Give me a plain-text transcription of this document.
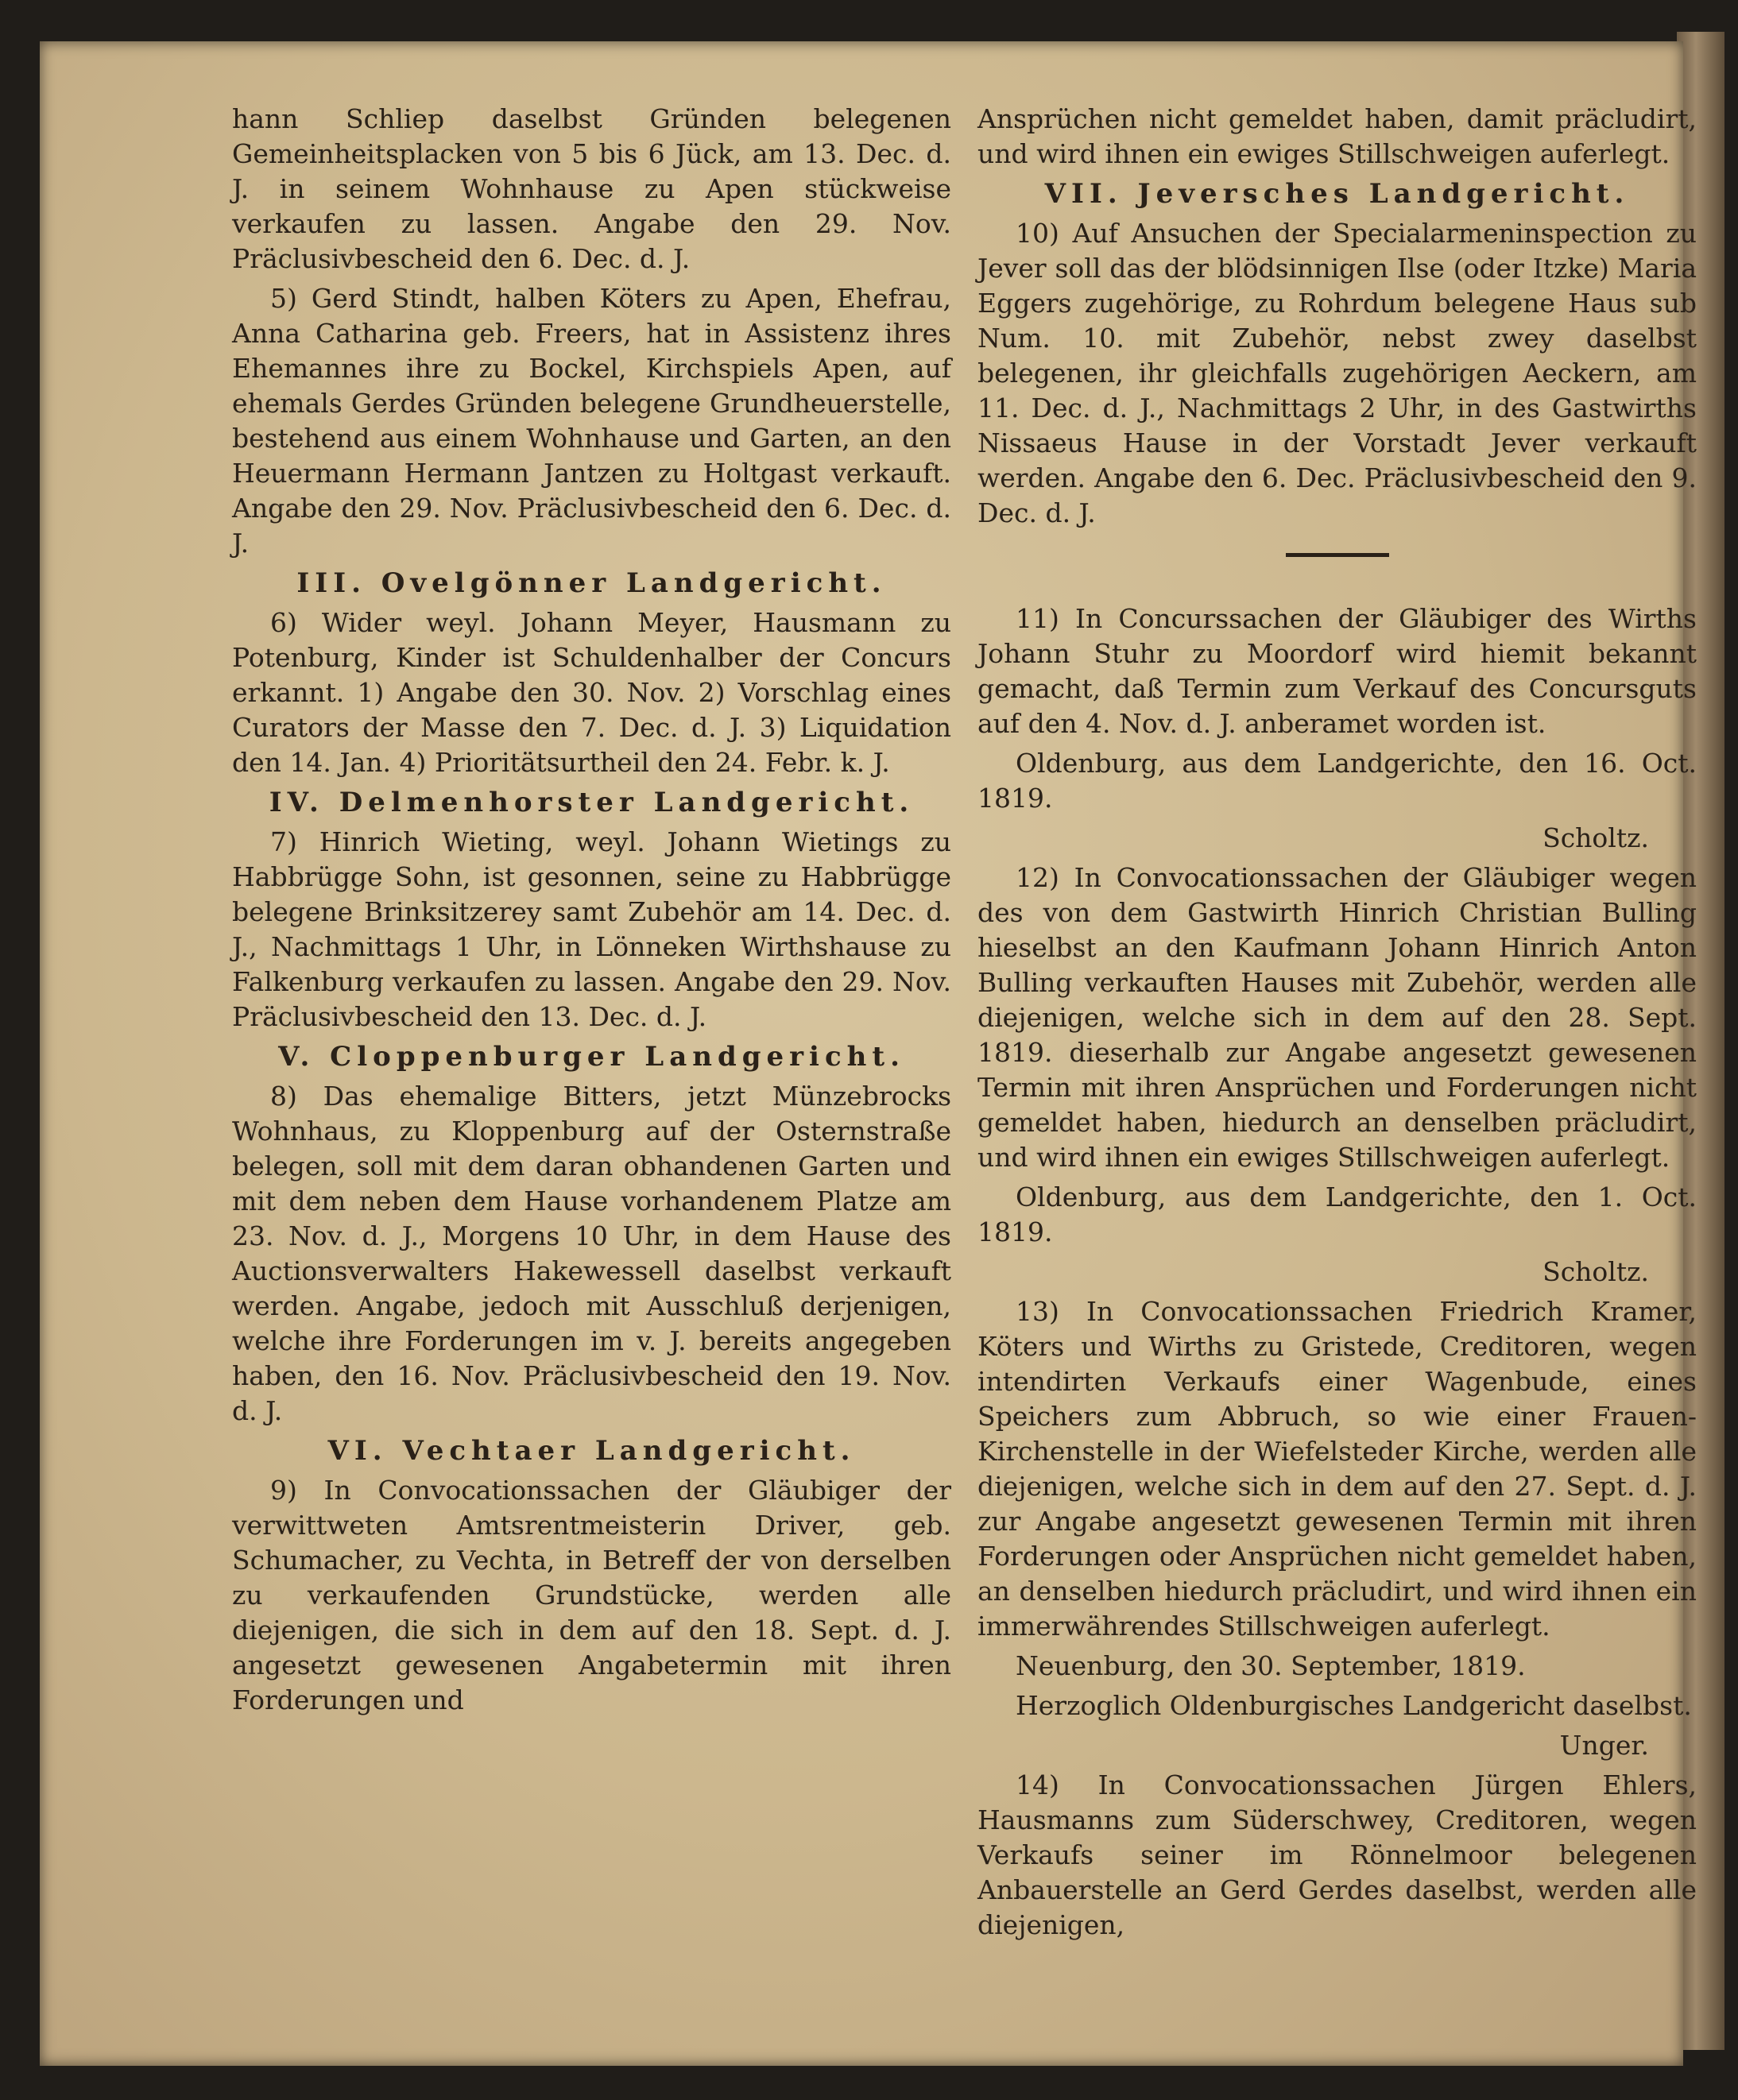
hann Schliep daselbst Gründen belegenen Gemeinheitsplacken von 5 bis 6 Jück, am 13. Dec. d. J. in seinem Wohnhause zu Apen stückweise verkaufen zu lassen. Angabe den 29. Nov. Präclusivbescheid den 6. Dec. d. J.

5) Gerd Stindt, halben Köters zu Apen, Ehefrau, Anna Catharina geb. Freers, hat in Assistenz ihres Ehemannes ihre zu Bockel, Kirchspiels Apen, auf ehemals Gerdes Gründen belegene Grundheuerstelle, bestehend aus einem Wohnhause und Garten, an den Heuermann Hermann Jantzen zu Holtgast verkauft. Angabe den 29. Nov. Präclusivbescheid den 6. Dec. d. J.

III. Ovelgönner Landgericht.

6) Wider weyl. Johann Meyer, Hausmann zu Potenburg, Kinder ist Schuldenhalber der Concurs erkannt. 1) Angabe den 30. Nov. 2) Vorschlag eines Curators der Masse den 7. Dec. d. J. 3) Liquidation den 14. Jan. 4) Prioritätsurtheil den 24. Febr. k. J.

IV. Delmenhorster Landgericht.

7) Hinrich Wieting, weyl. Johann Wietings zu Habbrügge Sohn, ist gesonnen, seine zu Habbrügge belegene Brinksitzerey samt Zubehör am 14. Dec. d. J., Nachmittags 1 Uhr, in Lönneken Wirthshause zu Falkenburg verkaufen zu lassen. Angabe den 29. Nov. Präclusivbescheid den 13. Dec. d. J.

V. Cloppenburger Landgericht.

8) Das ehemalige Bitters, jetzt Münzebrocks Wohnhaus, zu Kloppenburg auf der Osternstraße belegen, soll mit dem daran obhandenen Garten und mit dem neben dem Hause vorhandenem Platze am 23. Nov. d. J., Morgens 10 Uhr, in dem Hause des Auctionsverwalters Hakewessell daselbst verkauft werden. Angabe, jedoch mit Ausschluß derjenigen, welche ihre Forderungen im v. J. bereits angegeben haben, den 16. Nov. Präclusivbescheid den 19. Nov. d. J.

VI. Vechtaer Landgericht.

9) In Convocationssachen der Gläubiger der verwittweten Amtsrentmeisterin Driver, geb. Schumacher, zu Vechta, in Betreff der von derselben zu verkaufenden Grundstücke, werden alle diejenigen, die sich in dem auf den 18. Sept. d. J. angesetzt gewesenen Angabetermin mit ihren Forderungen und

Ansprüchen nicht gemeldet haben, damit präcludirt, und wird ihnen ein ewiges Stillschweigen auferlegt.

VII. Jeversches Landgericht.

10) Auf Ansuchen der Specialarmeninspection zu Jever soll das der blödsinnigen Ilse (oder Itzke) Maria Eggers zugehörige, zu Rohrdum belegene Haus sub Num. 10. mit Zubehör, nebst zwey daselbst belegenen, ihr gleichfalls zugehörigen Aeckern, am 11. Dec. d. J., Nachmittags 2 Uhr, in des Gastwirths Nissaeus Hause in der Vorstadt Jever verkauft werden. Angabe den 6. Dec. Präclusivbescheid den 9. Dec. d. J.

11) In Concurssachen der Gläubiger des Wirths Johann Stuhr zu Moordorf wird hiemit bekannt gemacht, daß Termin zum Verkauf des Concursguts auf den 4. Nov. d. J. anberamet worden ist.

Oldenburg, aus dem Landgerichte, den 16. Oct. 1819.

Scholtz.

12) In Convocationssachen der Gläubiger wegen des von dem Gastwirth Hinrich Christian Bulling hieselbst an den Kaufmann Johann Hinrich Anton Bulling verkauften Hauses mit Zubehör, werden alle diejenigen, welche sich in dem auf den 28. Sept. 1819. dieserhalb zur Angabe angesetzt gewesenen Termin mit ihren Ansprüchen und Forderungen nicht gemeldet haben, hiedurch an denselben präcludirt, und wird ihnen ein ewiges Stillschweigen auferlegt.

Oldenburg, aus dem Landgerichte, den 1. Oct. 1819.

Scholtz.

13) In Convocationssachen Friedrich Kramer, Köters und Wirths zu Gristede, Creditoren, wegen intendirten Verkaufs einer Wagenbude, eines Speichers zum Abbruch, so wie einer Frauen-Kirchenstelle in der Wiefelsteder Kirche, werden alle diejenigen, welche sich in dem auf den 27. Sept. d. J. zur Angabe angesetzt gewesenen Termin mit ihren Forderungen oder Ansprüchen nicht gemeldet haben, an denselben hiedurch präcludirt, und wird ihnen ein immerwährendes Stillschweigen auferlegt.

Neuenburg, den 30. September, 1819.

Herzoglich Oldenburgisches Landgericht daselbst.

Unger.

14) In Convocationssachen Jürgen Ehlers, Hausmanns zum Süderschwey, Creditoren, wegen Verkaufs seiner im Rönnelmoor belegenen Anbauerstelle an Gerd Gerdes daselbst, werden alle diejenigen,
